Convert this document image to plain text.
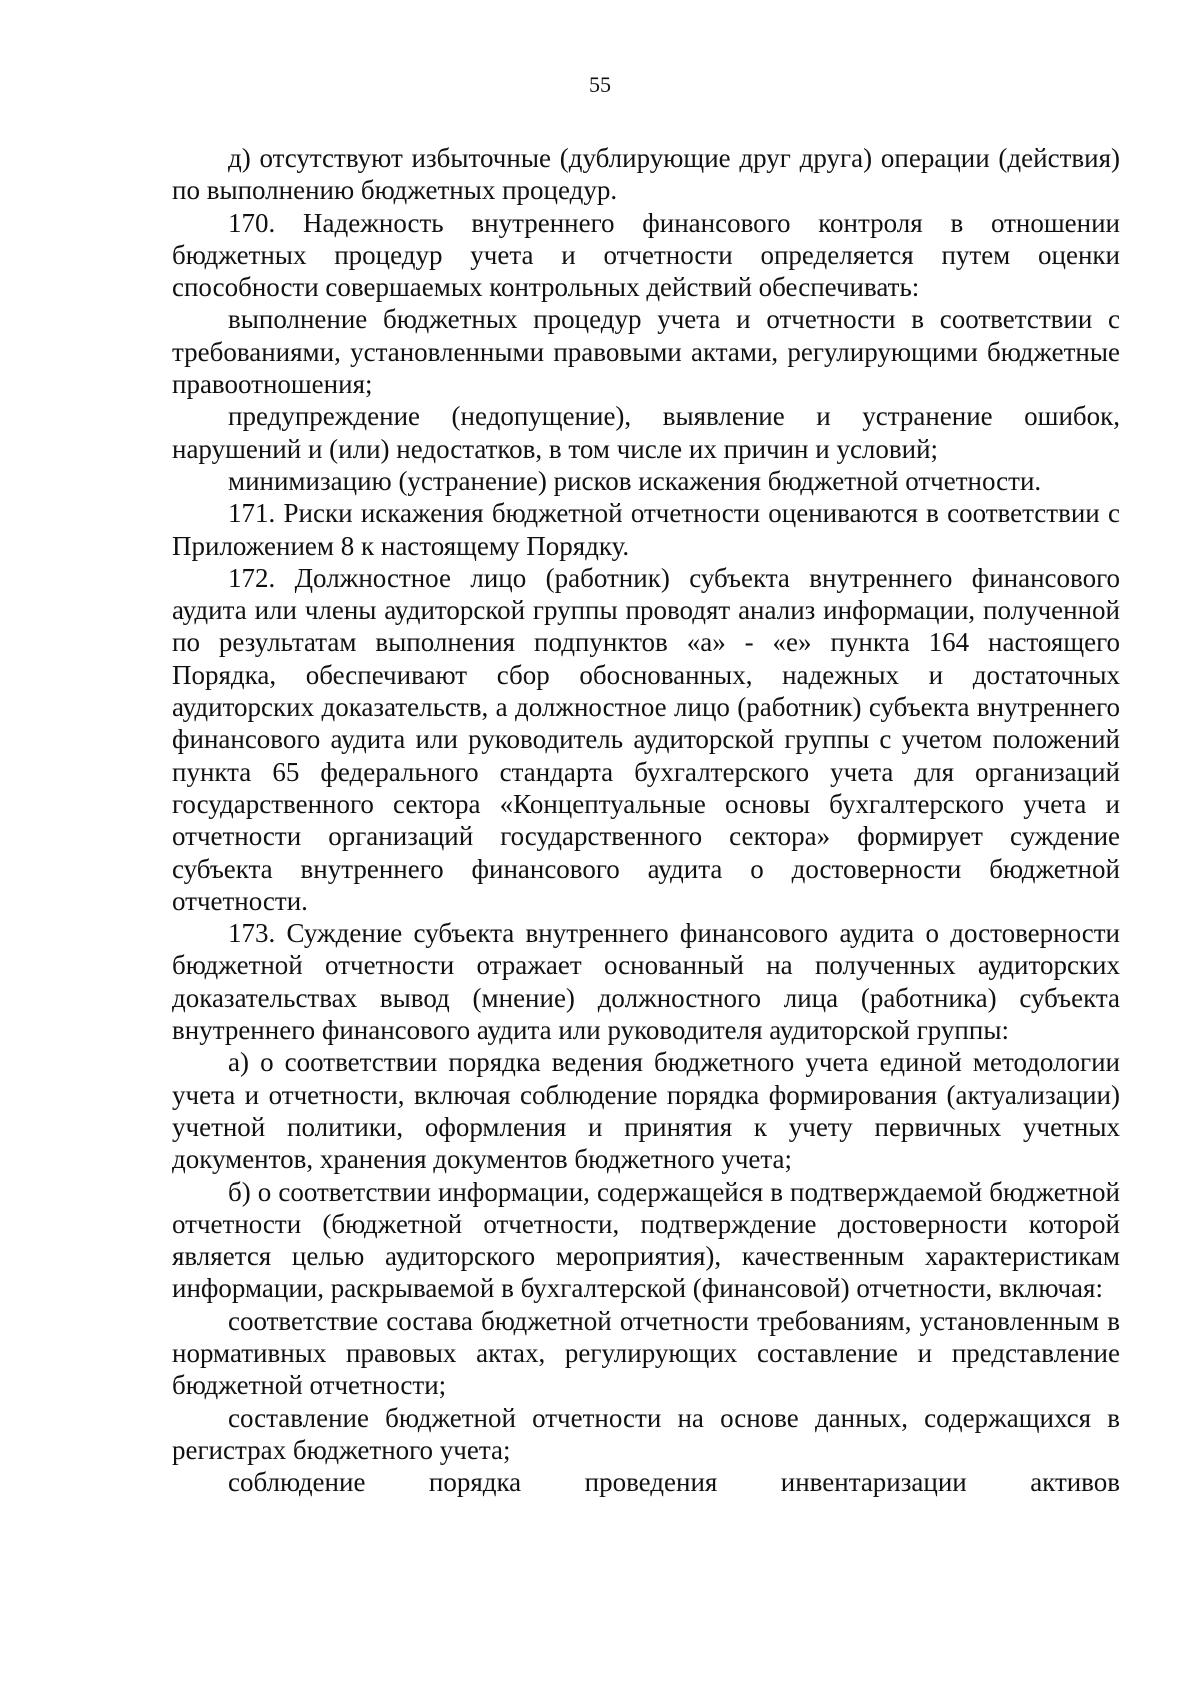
55

д) отсутствуют избыточные (дублирующие друг друга) операции (действия) по выполнению бюджетных процедур.

170. Надежность внутреннего финансового контроля в отношении бюджетных процедур учета и отчетности определяется путем оценки способности совершаемых контрольных действий обеспечивать:

выполнение бюджетных процедур учета и отчетности в соответствии с требованиями, установленными правовыми актами, регулирующими бюджетные правоотношения;

предупреждение (недопущение), выявление и устранение ошибок, нарушений и (или) недостатков, в том числе их причин и условий;

минимизацию (устранение) рисков искажения бюджетной отчетности.

171. Риски искажения бюджетной отчетности оцениваются в соответствии с Приложением 8 к настоящему Порядку.

172. Должностное лицо (работник) субъекта внутреннего финансового аудита или члены аудиторской группы проводят анализ информации, полученной по результатам выполнения подпунктов «а» - «е» пункта 164 настоящего Порядка, обеспечивают сбор обоснованных, надежных и достаточных аудиторских доказательств, а должностное лицо (работник) субъекта внутреннего финансового аудита или руководитель аудиторской группы с учетом положений пункта 65 федерального стандарта бухгалтерского учета для организаций государственного сектора «Концептуальные основы бухгалтерского учета и отчетности организаций государственного сектора» формирует суждение субъекта внутреннего финансового аудита о достоверности бюджетной отчетности.

173. Суждение субъекта внутреннего финансового аудита о достоверности бюджетной отчетности отражает основанный на полученных аудиторских доказательствах вывод (мнение) должностного лица (работника) субъекта внутреннего финансового аудита или руководителя аудиторской группы:

а) о соответствии порядка ведения бюджетного учета единой методологии учета и отчетности, включая соблюдение порядка формирования (актуализации) учетной политики, оформления и принятия к учету первичных учетных документов, хранения документов бюджетного учета;

б) о соответствии информации, содержащейся в подтверждаемой бюджетной отчетности (бюджетной отчетности, подтверждение достоверности которой является целью аудиторского мероприятия), качественным характеристикам информации, раскрываемой в бухгалтерской (финансовой) отчетности, включая:

соответствие состава бюджетной отчетности требованиям, установленным в нормативных правовых актах, регулирующих составление и представление бюджетной отчетности;

составление бюджетной отчетности на основе данных, содержащихся в регистрах бюджетного учета;

соблюдение порядка проведения инвентаризации активов
